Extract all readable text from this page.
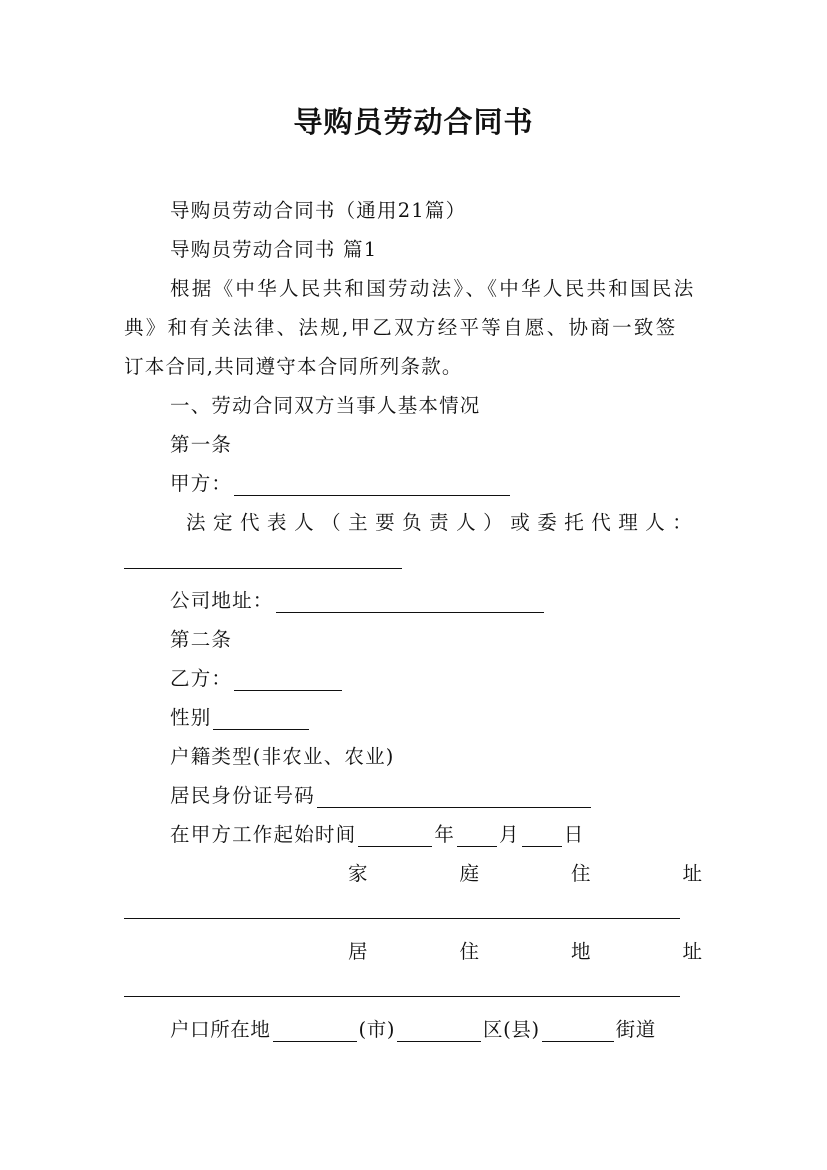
导购员劳动合同书
导购员劳动合同书（通用21篇）
导购员劳动合同书 篇1
根据《中华人民共和国劳动法》、《中华人民共和国民法
典》和有关法律、法规,甲乙双方经平等自愿、协商一致签
订本合同,共同遵守本合同所列条款。
一、劳动合同双方当事人基本情况
第一条
甲方：
法 定 代 表 人 （ 主 要 负 责 人 ） 或 委 托 代 理 人 ：
公司地址：
第二条
乙方：
性别
户籍类型(非农业、农业)
居民身份证号码
在甲方工作起始时间	年 月 日
家	庭	住	址
居	住	地	址
户口所在地	(市)	区(县)	街道
